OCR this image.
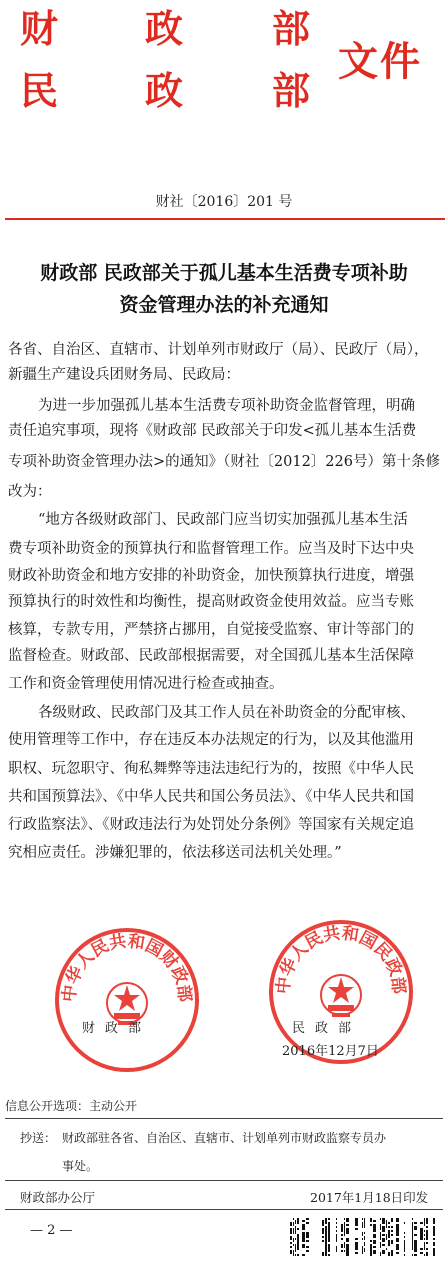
财 政 部
民 政 部
文件
财社〔2016〕201 号
财政部 民政部关于孤儿基本生活费专项补助
资金管理办法的补充通知
各省、自治区、直辖市、计划单列市财政厅（局）、民政厅（局），
新疆生产建设兵团财务局、民政局：
为进一步加强孤儿基本生活费专项补助资金监督管理，明确
责任追究事项，现将《财政部 民政部关于印发<孤儿基本生活费
专项补助资金管理办法>的通知》（财社〔2012〕226号）第十条修
改为：
“地方各级财政部门、民政部门应当切实加强孤儿基本生活
费专项补助资金的预算执行和监督管理工作。应当及时下达中央
财政补助资金和地方安排的补助资金，加快预算执行进度，增强
预算执行的时效性和均衡性，提高财政资金使用效益。应当专账
核算，专款专用，严禁挤占挪用，自觉接受监察、审计等部门的
监督检查。财政部、民政部根据需要，对全国孤儿基本生活保障
工作和资金管理使用情况进行检查或抽查。
各级财政、民政部门及其工作人员在补助资金的分配审核、
使用管理等工作中，存在违反本办法规定的行为，以及其他滥用
职权、玩忽职守、徇私舞弊等违法违纪行为的，按照《中华人民
共和国预算法》、《中华人民共和国公务员法》、《中华人民共和国
行政监察法》、《财政违法行为处罚处分条例》等国家有关规定追
究相应责任。涉嫌犯罪的，依法移送司法机关处理。”
中华人民共和国财政部
财政部
中华人民共和国民政部
民政部
2016年12月7日
信息公开选项：主动公开
抄送： 财政部驻各省、自治区、直辖市、计划单列市财政监察专员办
事处。
财政部办公厅	2017年1月18日印发
— 2 —
